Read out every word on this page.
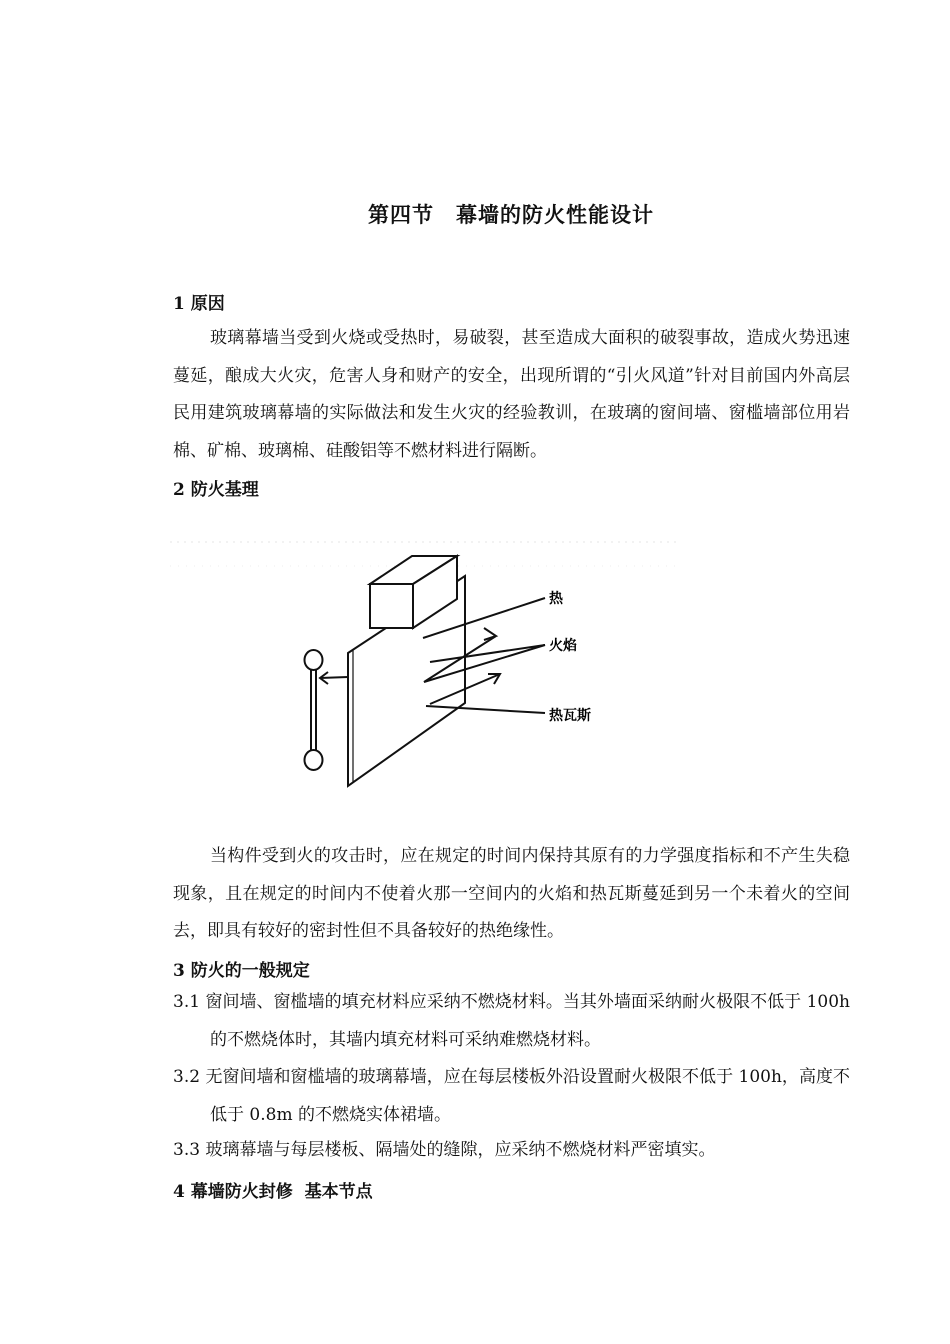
第四节　幕墙的防火性能设计
1 原因
玻璃幕墙当受到火烧或受热时，易破裂，甚至造成大面积的破裂事故，造成火势迅速蔓延，酿成大火灾，危害人身和财产的安全，出现所谓的“引火风道”针对目前国内外高层民用建筑玻璃幕墙的实际做法和发生火灾的经验教训，在玻璃的窗间墙、窗槛墙部位用岩棉、矿棉、玻璃棉、硅酸铝等不燃材料进行隔断。
2 防火基理
热
火焰
热瓦斯
当构件受到火的攻击时，应在规定的时间内保持其原有的力学强度指标和不产生失稳现象，且在规定的时间内不使着火那一空间内的火焰和热瓦斯蔓延到另一个未着火的空间去，即具有较好的密封性但不具备较好的热绝缘性。
3 防火的一般规定
3.1 窗间墙、窗槛墙的填充材料应采纳不燃烧材料。当其外墙面采纳耐火极限不低于 100h 的不燃烧体时，其墙内填充材料可采纳难燃烧材料。
3.2 无窗间墙和窗槛墙的玻璃幕墙，应在每层楼板外沿设置耐火极限不低于 100h，高度不低于 0.8m 的不燃烧实体裙墙。
3.3 玻璃幕墙与每层楼板、隔墙处的缝隙，应采纳不燃烧材料严密填实。
4 幕墙防火封修  基本节点
